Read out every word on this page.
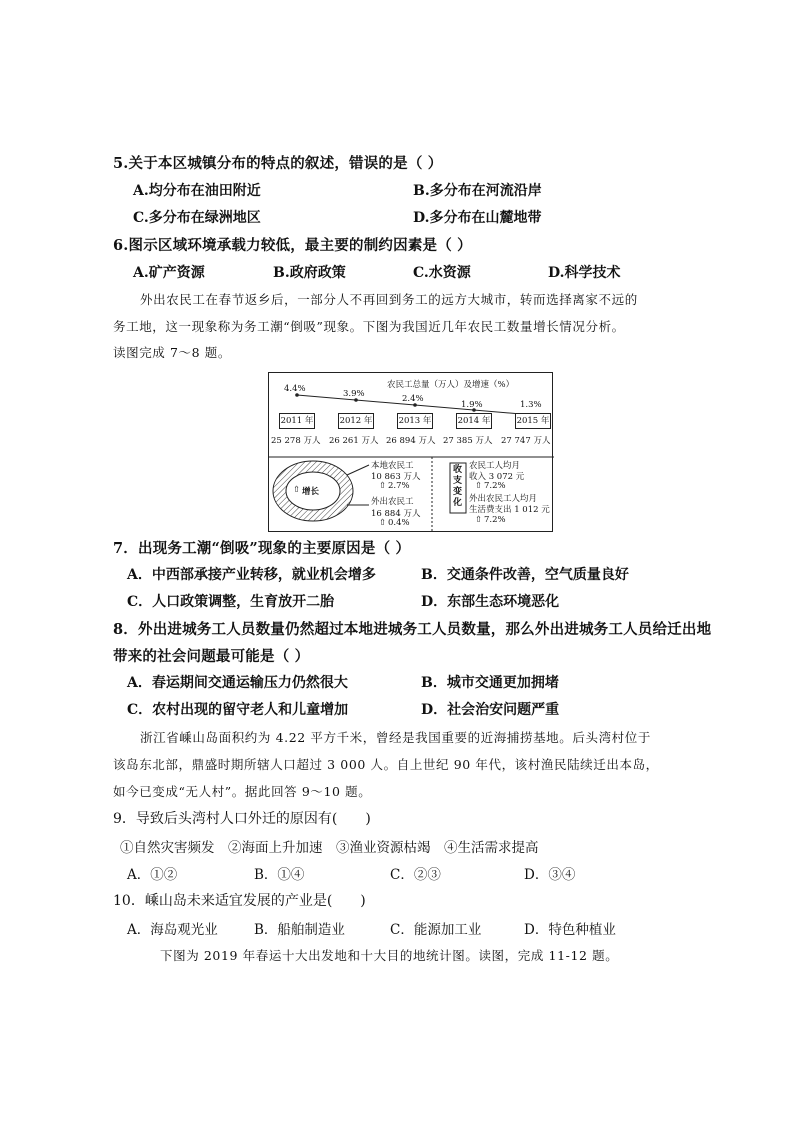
5.关于本区城镇分布的特点的叙述，错误的是（ ）
A.均分布在油田附近	B.多分布在河流沿岸
C.多分布在绿洲地区	D.多分布在山麓地带
6.图示区域环境承载力较低，最主要的制约因素是（ ）
A.矿产资源	B.政府政策	C.水资源	D.科学技术
外出农民工在春节返乡后，一部分人不再回到务工的远方大城市，转而选择离家不远的
务工地，这一现象称为务工潮“倒吸”现象。下图为我国近几年农民工数量增长情况分析。
读图完成 7～8 题。
农民工总量（万人）及增速（%）
4.4%	3.9%	2.4%
1.9%	1.3%
2011 年	2012 年	2013 年	2014 年	2015 年
25 278 万人 26 261 万人 26 894 万人 27 385 万人 27 747 万人
⇧ 增长
本地农民工
10 863 万人
⇧ 2.7%
外出农民工
16 884 万人
⇧ 0.4%
收支变化
农民工人均月
收入 3 072 元
⇧ 7.2%
外出农民工人均月
生活费支出 1 012 元
⇧ 7.2%
7．出现务工潮“倒吸”现象的主要原因是（ ）
A．中西部承接产业转移，就业机会增多	B．交通条件改善，空气质量良好
C．人口政策调整，生育放开二胎	D．东部生态环境恶化
8．外出进城务工人员数量仍然超过本地进城务工人员数量，那么外出进城务工人员给迁出地
带来的社会问题最可能是（ ）
A．春运期间交通运输压力仍然很大	B．城市交通更加拥堵
C．农村出现的留守老人和儿童增加	D．社会治安问题严重
浙江省嵊山岛面积约为 4.22 平方千米，曾经是我国重要的近海捕捞基地。后头湾村位于
该岛东北部，鼎盛时期所辖人口超过 3 000 人。自上世纪 90 年代，该村渔民陆续迁出本岛，
如今已变成“无人村”。据此回答 9～10 题。
9．导致后头湾村人口外迁的原因有(　　)
①自然灾害频发　②海面上升加速　③渔业资源枯竭　④生活需求提高
A．①②	B．①④	C．②③	D．③④
10．嵊山岛未来适宜发展的产业是(　　)
A．海岛观光业	B．船舶制造业	C．能源加工业	D．特色种植业
下图为 2019 年春运十大出发地和十大目的地统计图。读图，完成 11-12 题。
